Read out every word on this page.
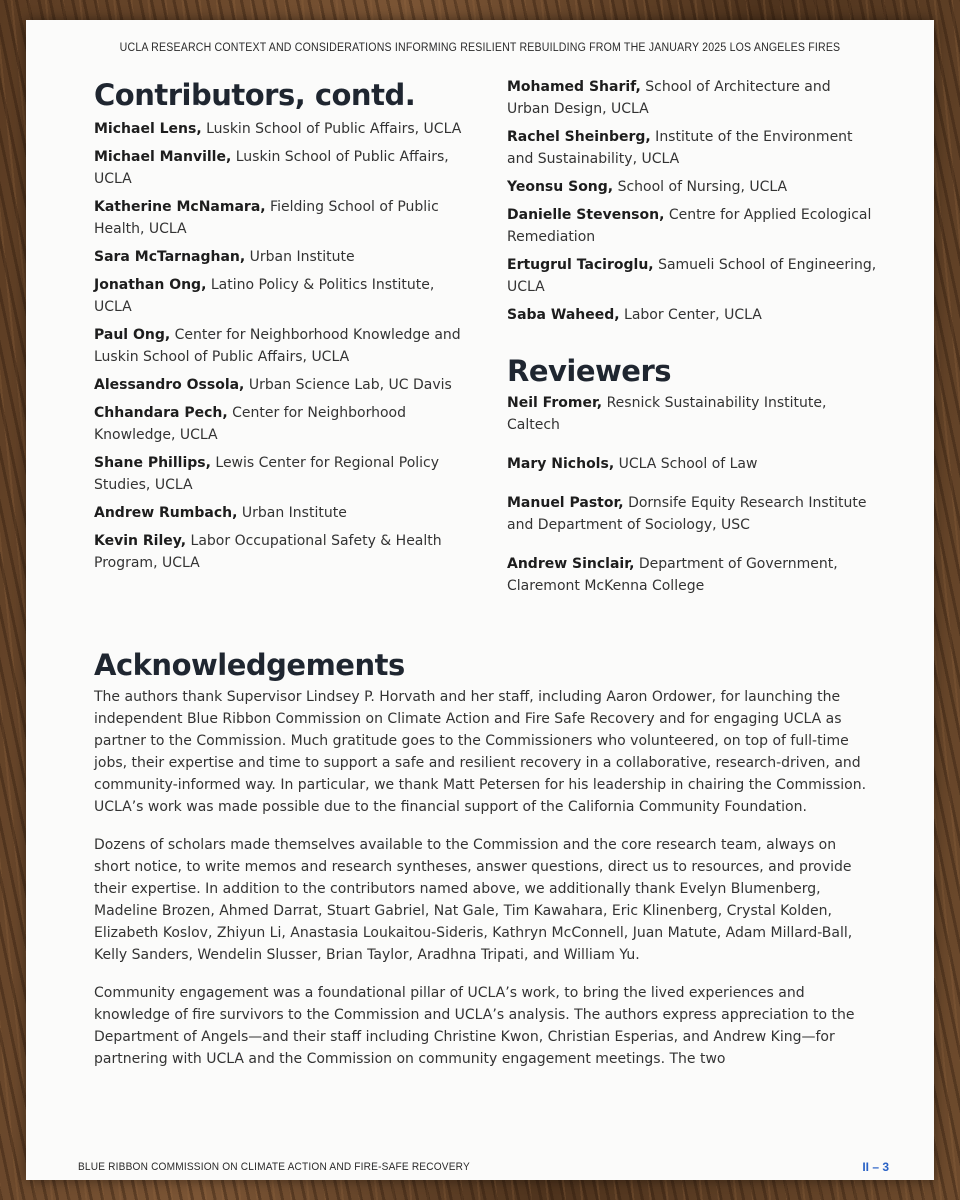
UCLA RESEARCH CONTEXT AND CONSIDERATIONS INFORMING RESILIENT REBUILDING FROM THE JANUARY 2025 LOS ANGELES FIRES
Contributors, contd.
Michael Lens, Luskin School of Public Affairs, UCLA
Michael Manville, Luskin School of Public Affairs, UCLA
Katherine McNamara, Fielding School of Public Health, UCLA
Sara McTarnaghan, Urban Institute
Jonathan Ong, Latino Policy & Politics Institute, UCLA
Paul Ong, Center for Neighborhood Knowledge and Luskin School of Public Affairs, UCLA
Alessandro Ossola, Urban Science Lab, UC Davis
Chhandara Pech, Center for Neighborhood Knowledge, UCLA
Shane Phillips, Lewis Center for Regional Policy Studies, UCLA
Andrew Rumbach, Urban Institute
Kevin Riley, Labor Occupational Safety & Health Program, UCLA
Mohamed Sharif, School of Architecture and Urban Design, UCLA
Rachel Sheinberg, Institute of the Environment and Sustainability, UCLA
Yeonsu Song, School of Nursing, UCLA
Danielle Stevenson, Centre for Applied Ecological Remediation
Ertugrul Taciroglu, Samueli School of Engineering, UCLA
Saba Waheed, Labor Center, UCLA
Reviewers
Neil Fromer, Resnick Sustainability Institute, Caltech
Mary Nichols, UCLA School of Law
Manuel Pastor, Dornsife Equity Research Institute and Department of Sociology, USC
Andrew Sinclair, Department of Government, Claremont McKenna College
Acknowledgements

The authors thank Supervisor Lindsey P. Horvath and her staff, including Aaron Ordower, for launching the independent Blue Ribbon Commission on Climate Action and Fire Safe Recovery and for engaging UCLA as partner to the Commission. Much gratitude goes to the Commissioners who volunteered, on top of full-time jobs, their expertise and time to support a safe and resilient recovery in a collaborative, research-driven, and community-informed way. In particular, we thank Matt Petersen for his leadership in chairing the Commission. UCLA’s work was made possible due to the financial support of the California Community Foundation.

Dozens of scholars made themselves available to the Commission and the core research team, always on short notice, to write memos and research syntheses, answer questions, direct us to resources, and provide their expertise. In addition to the contributors named above, we additionally thank Evelyn Blumenberg, Madeline Brozen, Ahmed Darrat, Stuart Gabriel, Nat Gale, Tim Kawahara, Eric Klinenberg, Crystal Kolden, Elizabeth Koslov, Zhiyun Li, Anastasia Loukaitou-Sideris, Kathryn McConnell, Juan Matute, Adam Millard-Ball, Kelly Sanders, Wendelin Slusser, Brian Taylor, Aradhna Tripati, and William Yu.

Community engagement was a foundational pillar of UCLA’s work, to bring the lived experiences and knowledge of fire survivors to the Commission and UCLA’s analysis. The authors express appreciation to the Department of Angels—and their staff including Christine Kwon, Christian Esperias, and Andrew King—for partnering with UCLA and the Commission on community engagement meetings. The two

BLUE RIBBON COMMISSION ON CLIMATE ACTION AND FIRE-SAFE RECOVERY	II – 3
